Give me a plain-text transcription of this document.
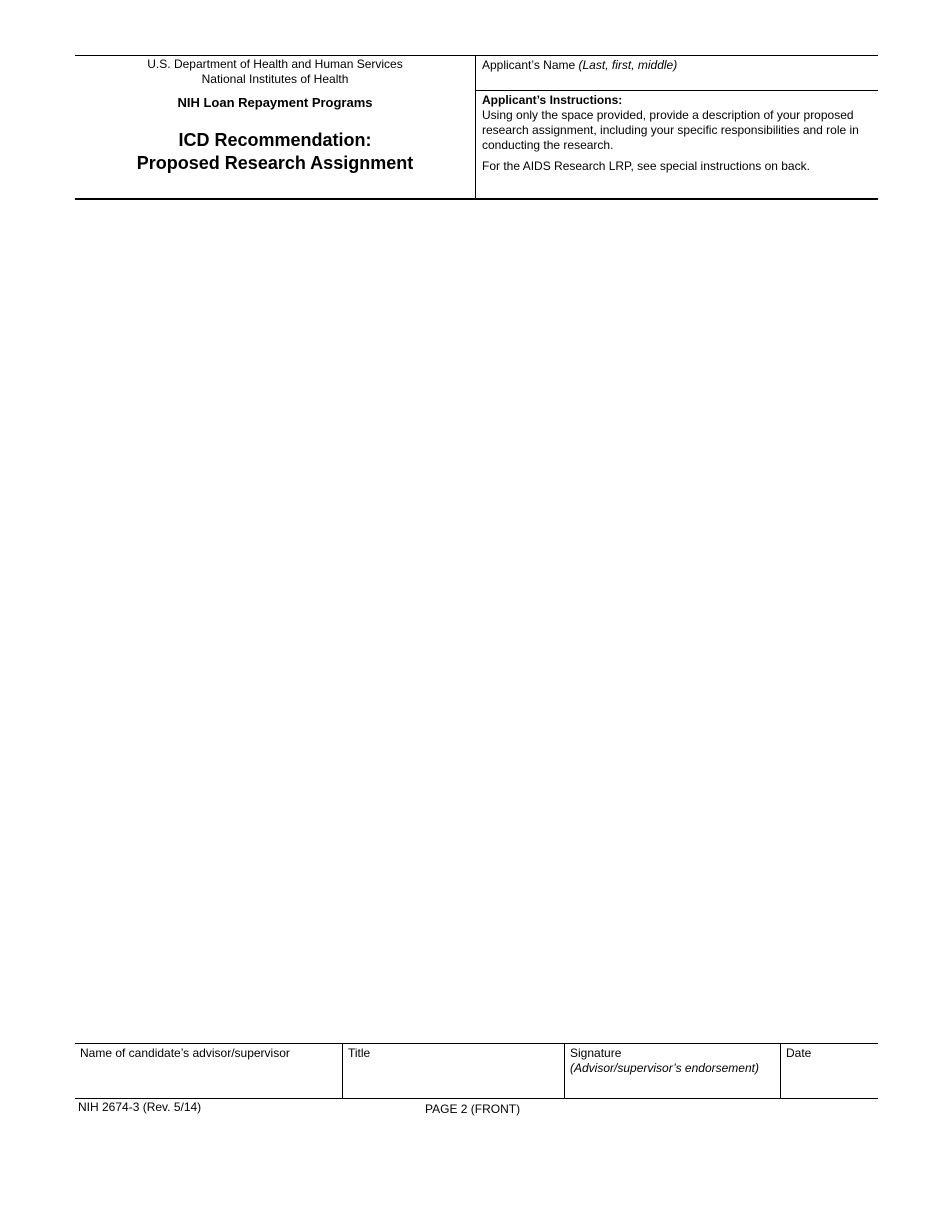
U.S. Department of Health and Human Services
National Institutes of Health
NIH Loan Repayment Programs
ICD Recommendation:
Proposed Research Assignment
Applicant’s Name (Last, first, middle)
Applicant’s Instructions:

Using only the space provided, provide a description of your proposed research assignment, including your specific responsibilities and role in conducting the research.

For the AIDS Research LRP, see special instructions on back.

Name of candidate’s advisor/supervisor	Title	Signature
(Advisor/supervisor’s endorsement)
Date
NIH 2674-3 (Rev. 5/14)	PAGE 2 (FRONT)
